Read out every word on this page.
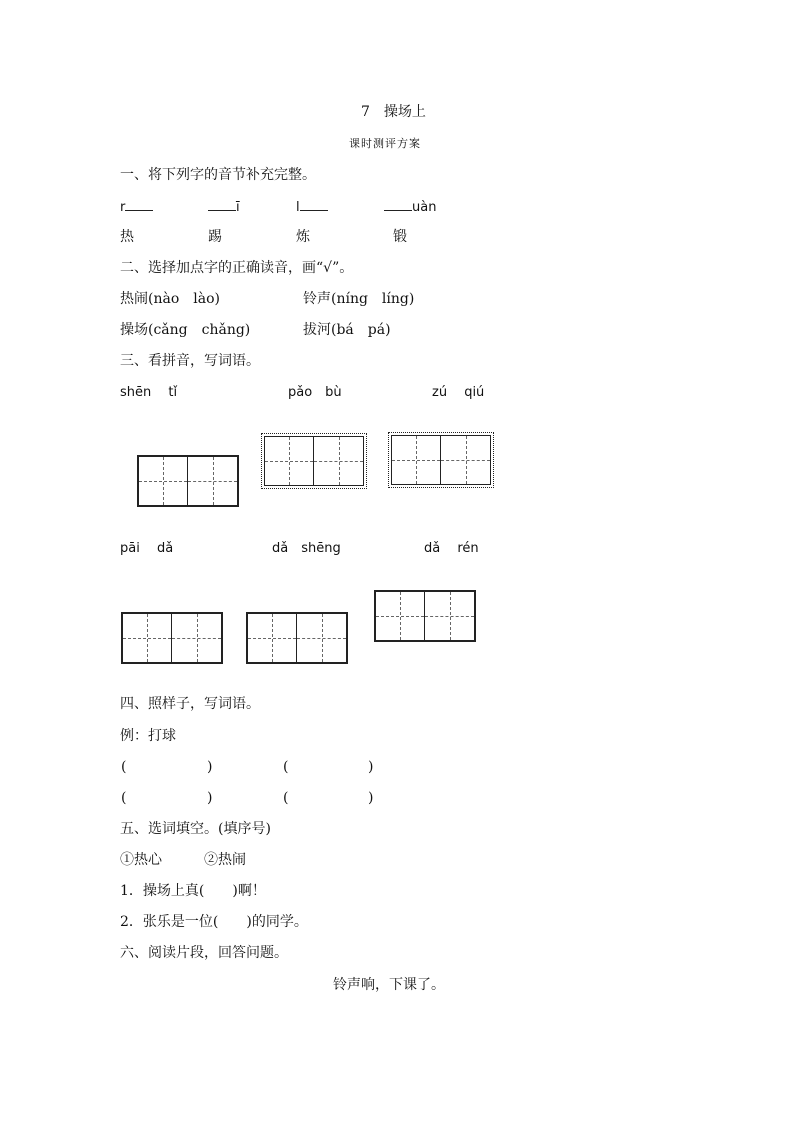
7　操场上
课时测评方案
一、将下列字的音节补充完整。
r	ī	l	uàn
热	踢	炼	锻
二、选择加点字的正确读音，画“√”。
热闹(nào　lào)	铃声(níng　líng)
操场(cǎng　chǎng)	拔河(bá　pá)
三、看拼音，写词语。
shēn　 tǐ	pǎo　bù	zú　 qiú
pāi　 dǎ	dǎ　shēng	dǎ　 rén
四、照样子，写词语。
例：打球
(	)	(	)
(	)	(	)
五、选词填空。(填序号)
①热心　　　②热闹
1．操场上真(　　)啊！
2．张乐是一位(　　)的同学。
六、阅读片段，回答问题。
铃声响，下课了。
